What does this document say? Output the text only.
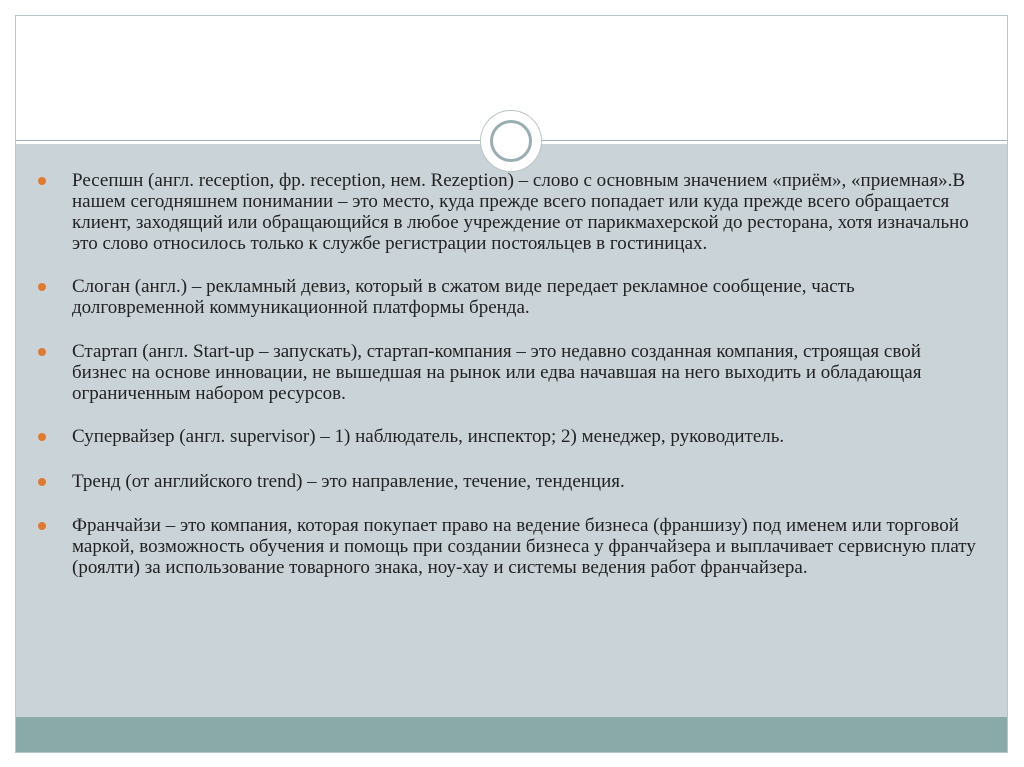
Ресепшн (англ. reception, фр. reception, нем. Rezeption) – слово с основным значением «приём», «приемная».В нашем сегодняшнем понимании – это место, куда прежде всего попадает или куда прежде всего обращается клиент, заходящий или обращающийся в любое учреждение от парикмахерской до ресторана, хотя изначально это слово относилось только к службе регистрации постояльцев в гостиницах.
Слоган (англ.) – рекламный девиз, который в сжатом виде передает рекламное сообщение, часть долговременной коммуникационной платформы бренда.
Стартап (англ. Start-up – запускать), стартап-компания – это недавно созданная компания, строящая свой бизнес на основе инновации, не вышедшая на рынок или едва начавшая на него выходить и обладающая ограниченным набором ресурсов.
Супервайзер (англ. supervisor) – 1) наблюдатель, инспектор; 2) менеджер, руководитель.
Тренд (от английского trend) – это направление, течение, тенденция.
Франчайзи – это компания, которая покупает право на ведение бизнеса (франшизу) под именем или торговой маркой, возможность обучения и помощь при создании бизнеса у франчайзера и выплачивает сервисную плату (роялти) за использование товарного знака, ноу-хау и системы ведения работ франчайзера.
